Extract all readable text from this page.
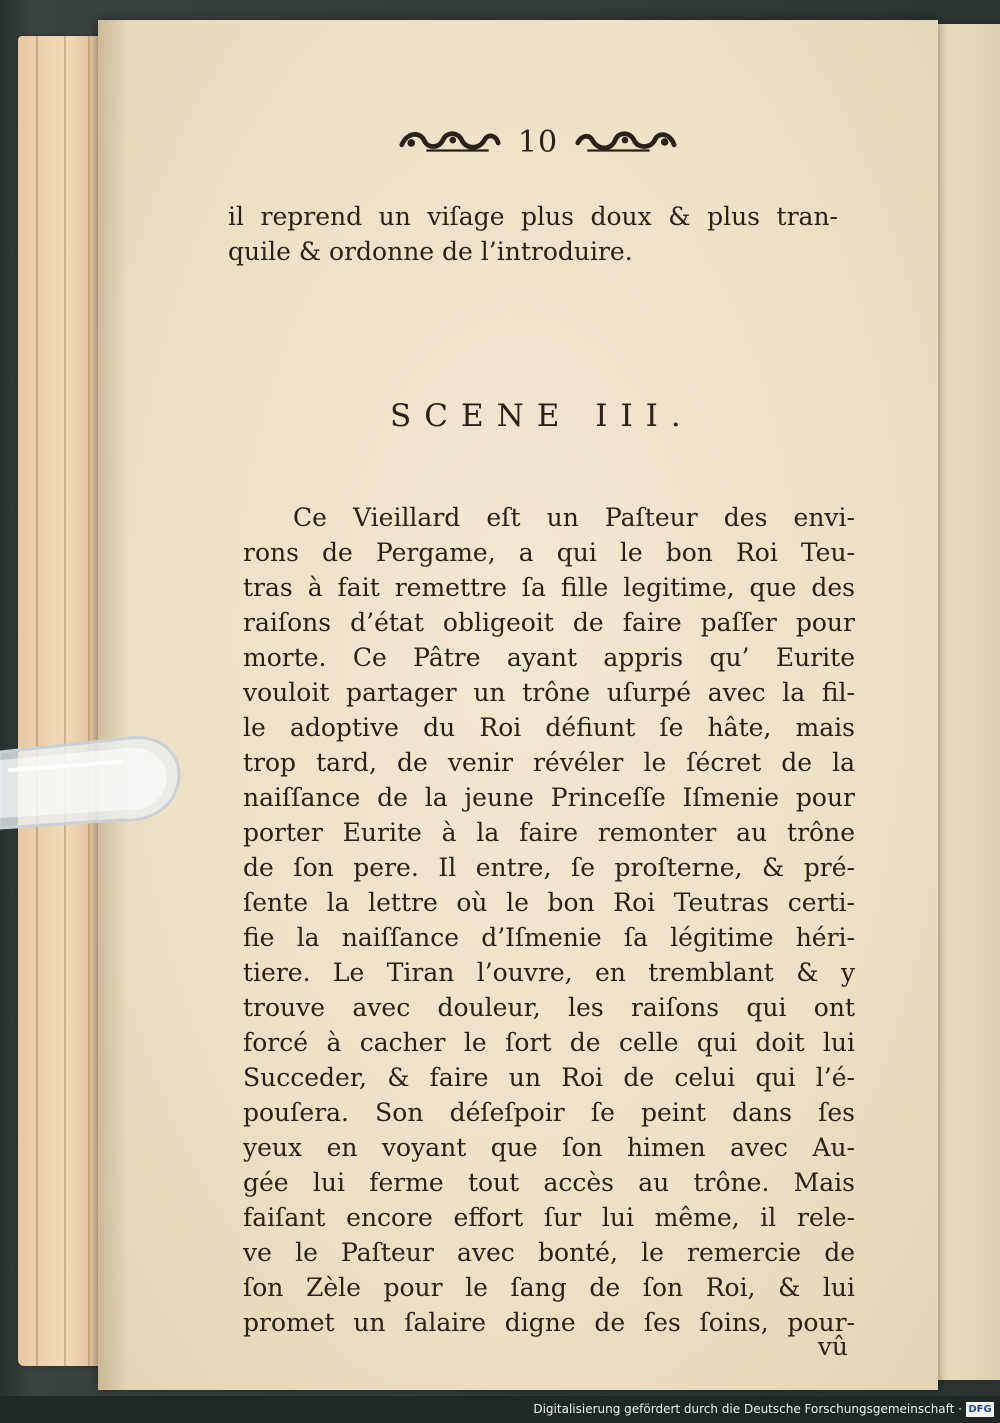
10
il reprend un viſage plus doux & plus tran-
quile & ordonne de l’introduire.
SCENE III.
Ce Vieillard eſt un Paſteur des envi-
rons de Pergame, a qui le bon Roi Teu-
tras à fait remettre ſa fille legitime, que des
raiſons d’état obligeoit de faire paſſer pour
morte. Ce Pâtre ayant appris qu’ Eurite
vouloit partager un trône uſurpé avec la fil-
le adoptive du Roi défiunt ſe hâte, mais
trop tard, de venir révéler le ſécret de la
naiſſance de la jeune Princeſſe Iſmenie pour
porter Eurite à la faire remonter au trône
de ſon pere. Il entre, ſe proſterne, & pré-
ſente la lettre où le bon Roi Teutras certi-
fie la naiſſance d’Iſmenie ſa légitime héri-
tiere. Le Tiran l’ouvre, en tremblant & y
trouve avec douleur, les raiſons qui ont
forcé à cacher le ſort de celle qui doit lui
Succeder, & faire un Roi de celui qui l’é-
pouſera. Son déſeſpoir ſe peint dans ſes
yeux en voyant que ſon himen avec Au-
gée lui ferme tout accès au trône. Mais
faiſant encore effort ſur lui même, il rele-
ve le Paſteur avec bonté, le remercie de
ſon Zèle pour le ſang de ſon Roi, & lui
promet un ſalaire digne de ſes ſoins, pour-
vû
Digitalisierung gefördert durch die Deutsche Forschungsgemeinschaft · DFG
